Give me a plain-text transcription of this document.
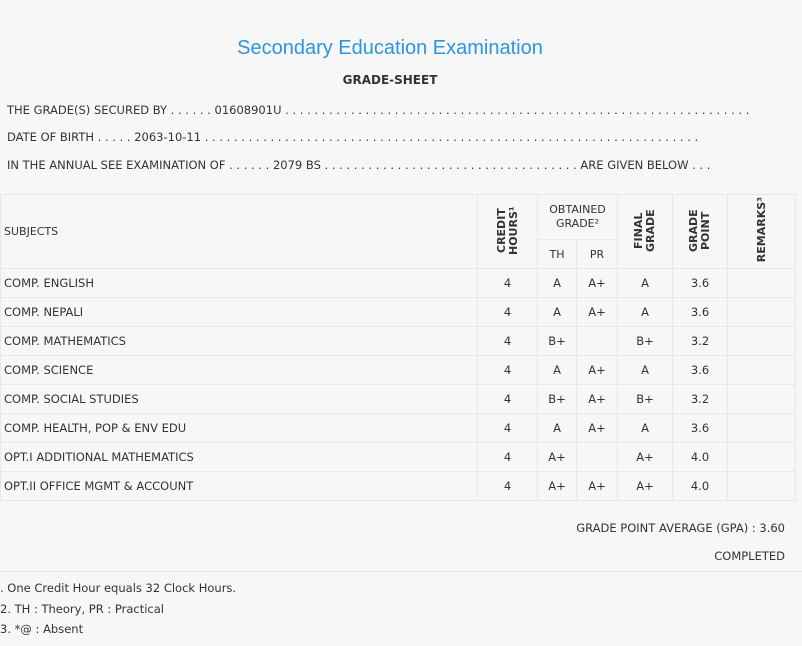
Secondary Education Examination
GRADE-SHEET
THE GRADE(S) SECURED BY . . . . . . 01608901U . . . . . . . . . . . . . . . . . . . . . . . . . . . . . . . . . . . . . . . . . . . . . . . . . . . . . . . . . . . . . . . .
DATE OF BIRTH . . . . . 2063-10-11 . . . . . . . . . . . . . . . . . . . . . . . . . . . . . . . . . . . . . . . . . . . . . . . . . . . . . . . . . . . . . . . . . . . .
IN THE ANNUAL SEE EXAMINATION OF . . . . . . 2079 BS . . . . . . . . . . . . . . . . . . . . . . . . . . . . . . . . . . . ARE GIVEN BELOW . . .
SUBJECTS	CREDIT HOURS¹	OBTAINED GRADE²		FINAL GRADE	GRADE POINT	REMARKS³
		TH	PR			
COMP. ENGLISH	4	A	A+	A	3.6	
COMP. NEPALI	4	A	A+	A	3.6	
COMP. MATHEMATICS	4	B+		B+	3.2	
COMP. SCIENCE	4	A	A+	A	3.6	
COMP. SOCIAL STUDIES	4	B+	A+	B+	3.2	
COMP. HEALTH, POP & ENV EDU	4	A	A+	A	3.6	
OPT.I ADDITIONAL MATHEMATICS	4	A+		A+	4.0	
OPT.II OFFICE MGMT & ACCOUNT	4	A+	A+	A+	4.0	
GRADE POINT AVERAGE (GPA) : 3.60
COMPLETED
. One Credit Hour equals 32 Clock Hours.
2. TH : Theory, PR : Practical
3. *@ : Absent
